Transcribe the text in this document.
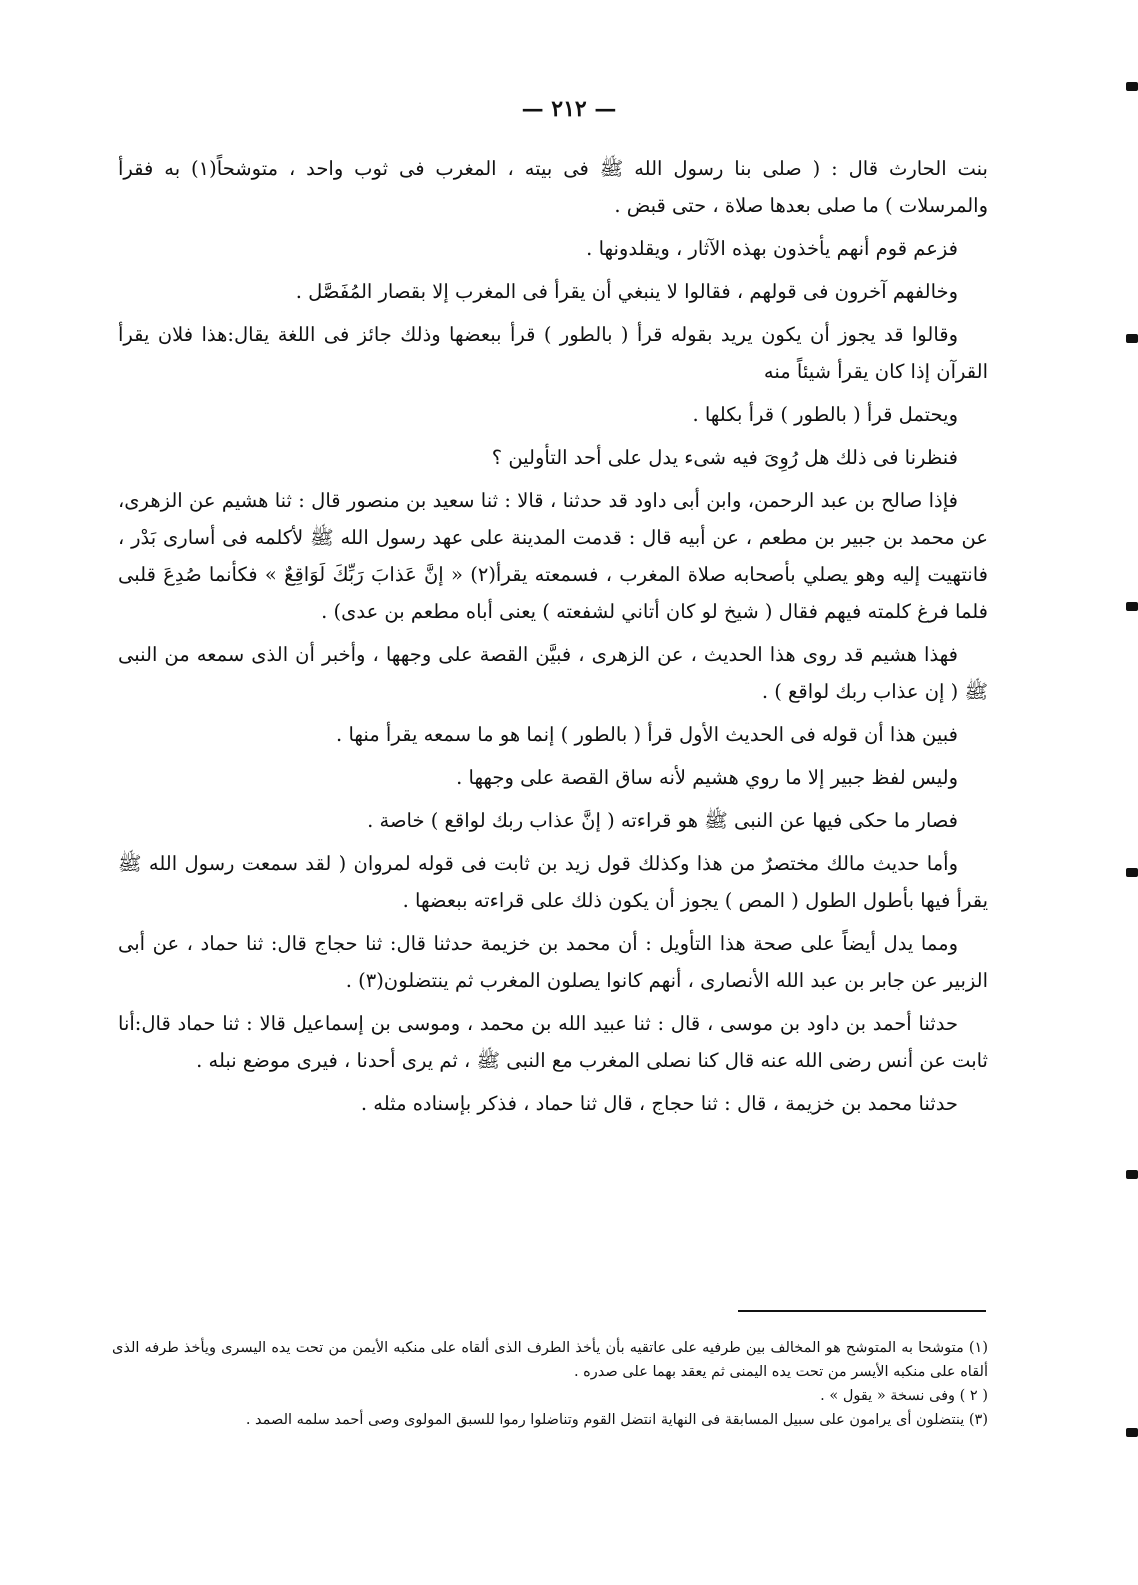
— ٢١٢ —

بنت الحارث قال : ( صلى بنا رسول الله ﷺ فى بيته ، المغرب فى ثوب واحد ، متوشحاً(١) به فقرأ والمرسلات ) ما صلى بعدها صلاة ، حتى قبض .

فزعم قوم أنهم يأخذون بهذه الآثار ، ويقلدونها .

وخالفهم آخرون فى قولهم ، فقالوا لا ينبغي أن يقرأ فى المغرب إلا بقصار المُفَصَّل .

وقالوا قد يجوز أن يكون يريد بقوله قرأ ( بالطور ) قرأ ببعضها وذلك جائز فى اللغة يقال:هذا فلان يقرأ القرآن إذا كان يقرأ شيئاً منه

ويحتمل قرأ ( بالطور ) قرأ بكلها .

فنظرنا فى ذلك هل رُوِىَ فيه شىء يدل على أحد التأولين ؟

فإذا صالح بن عبد الرحمن، وابن أبى داود قد حدثنا ، قالا : ثنا سعيد بن منصور قال : ثنا هشيم عن الزهرى، عن محمد بن جبير بن مطعم ، عن أبيه قال : قدمت المدينة على عهد رسول الله ﷺ لأكلمه فى أسارى بَدْر ، فانتهيت إليه وهو يصلي بأصحابه صلاة المغرب ، فسمعته يقرأ(٢) « إنَّ عَذابَ رَبِّكَ لَوَاقِعٌ » فكأنما صُدِعَ قلبى فلما فرغ كلمته فيهم فقال ( شيخ لو كان أتاني لشفعته ) يعنى أباه مطعم بن عدى) .

فهذا هشيم قد روى هذا الحديث ، عن الزهرى ، فبيَّن القصة على وجهها ، وأخبر أن الذى سمعه من النبى ﷺ ( إن عذاب ربك لواقع ) .

فبين هذا أن قوله فى الحديث الأول قرأ ( بالطور ) إنما هو ما سمعه يقرأ منها .

وليس لفظ جبير إلا ما روي هشيم لأنه ساق القصة على وجهها .

فصار ما حكى فيها عن النبى ﷺ هو قراءته ( إنَّ عذاب ربك لواقع ) خاصة .

وأما حديث مالك مختصرٌ من هذا وكذلك قول زيد بن ثابت فى قوله لمروان ( لقد سمعت رسول الله ﷺ يقرأ فيها بأطول الطول ( المص ) يجوز أن يكون ذلك على قراءته ببعضها .

ومما يدل أيضاً على صحة هذا التأويل : أن محمد بن خزيمة حدثنا قال: ثنا حجاج قال: ثنا حماد ، عن أبى الزبير عن جابر بن عبد الله الأنصارى ، أنهم كانوا يصلون المغرب ثم ينتضلون(٣) .

حدثنا أحمد بن داود بن موسى ، قال : ثنا عبيد الله بن محمد ، وموسى بن إسماعيل قالا : ثنا حماد قال:أنا ثابت عن أنس رضى الله عنه قال كنا نصلى المغرب مع النبى ﷺ ، ثم يرى أحدنا ، فيرى موضع نبله .

حدثنا محمد بن خزيمة ، قال : ثنا حجاج ، قال ثنا حماد ، فذكر بإسناده مثله .

(١) متوشحا به المتوشح هو المخالف بين طرفيه على عاتقيه بأن يأخذ الطرف الذى ألقاه على منكبه الأيمن من تحت يده اليسرى ويأخذ طرفه الذى ألقاه على منكبه الأيسر من تحت يده اليمنى ثم يعقد بهما على صدره .

( ٢ ) وفى نسخة « يقول » .

(٣) ينتضلون أى يرامون على سبيل المسابقة فى النهاية انتضل القوم وتناضلوا رموا للسبق المولوى وصى أحمد سلمه الصمد .
